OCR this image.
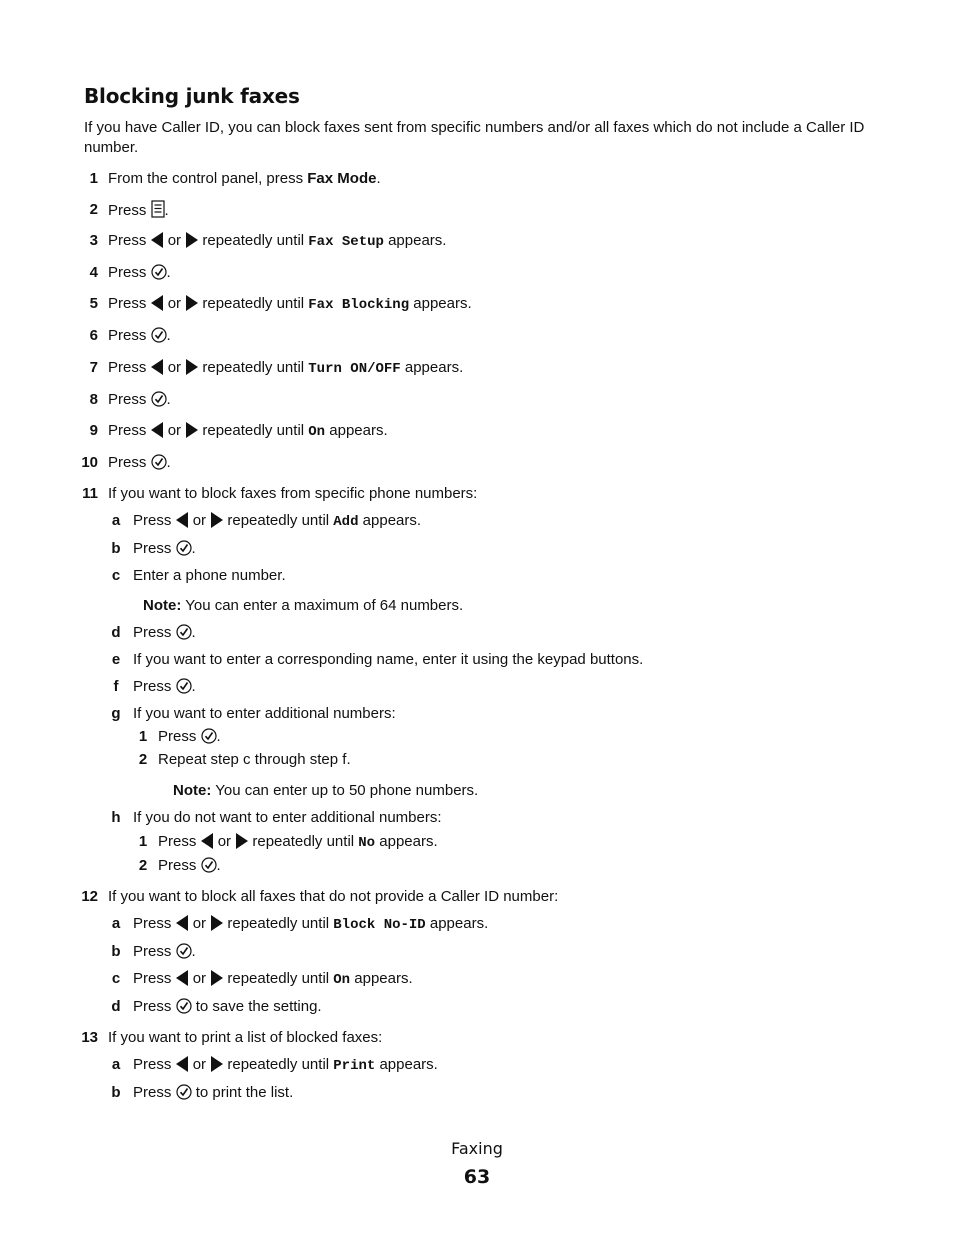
Blocking junk faxes

If you have Caller ID, you can block faxes sent from specific numbers and/or all faxes which do not include a Caller ID number.

1 From the control panel, press Fax Mode.
2 Press .
3 Press or repeatedly until Fax Setup appears.
4 Press .
5 Press or repeatedly until Fax Blocking appears.
6 Press .
7 Press or repeatedly until Turn ON/OFF appears.
8 Press .
9 Press or repeatedly until On appears.
10 Press .
11 If you want to block faxes from specific phone numbers:
a Press or repeatedly until Add appears.
b Press .
c Enter a phone number.
Note: You can enter a maximum of 64 numbers.
d Press .
e If you want to enter a corresponding name, enter it using the keypad buttons.
f Press .
g If you want to enter additional numbers:
1 Press .
2 Repeat step c through step f.
Note: You can enter up to 50 phone numbers.
h If you do not want to enter additional numbers:
1 Press or repeatedly until No appears.
2 Press .
12 If you want to block all faxes that do not provide a Caller ID number:
a Press or repeatedly until Block No-ID appears.
b Press .
c Press or repeatedly until On appears.
d Press to save the setting.
13 If you want to print a list of blocked faxes:
a Press or repeatedly until Print appears.
b Press to print the list.
Faxing
63
